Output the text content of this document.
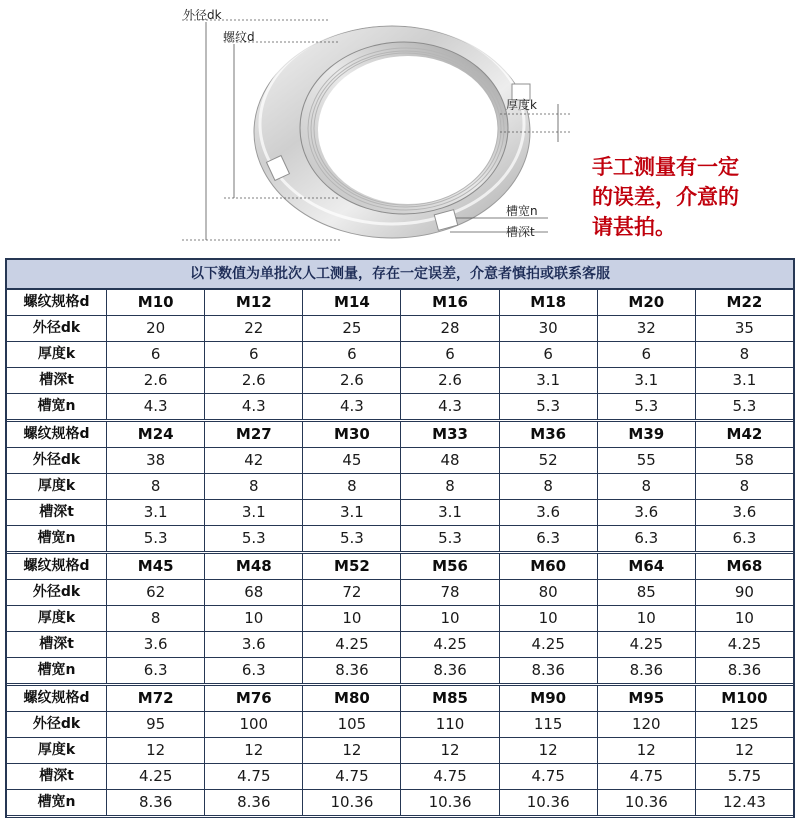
外径dk
螺纹d
厚度k
槽宽n
槽深t
手工测量有一定
的误差，介意的
请甚拍。
以下数值为单批次人工测量，存在一定误差，介意者慎拍或联系客服
螺纹规格d	M10	M12	M14	M16	M18	M20	M22
外径dk	20	22	25	28	30	32	35
厚度k	6	6	6	6	6	6	8
槽深t	2.6	2.6	2.6	2.6	3.1	3.1	3.1
槽宽n	4.3	4.3	4.3	4.3	5.3	5.3	5.3
螺纹规格d	M24	M27	M30	M33	M36	M39	M42
外径dk	38	42	45	48	52	55	58
厚度k	8	8	8	8	8	8	8
槽深t	3.1	3.1	3.1	3.1	3.6	3.6	3.6
槽宽n	5.3	5.3	5.3	5.3	6.3	6.3	6.3
螺纹规格d	M45	M48	M52	M56	M60	M64	M68
外径dk	62	68	72	78	80	85	90
厚度k	8	10	10	10	10	10	10
槽深t	3.6	3.6	4.25	4.25	4.25	4.25	4.25
槽宽n	6.3	6.3	8.36	8.36	8.36	8.36	8.36
螺纹规格d	M72	M76	M80	M85	M90	M95	M100
外径dk	95	100	105	110	115	120	125
厚度k	12	12	12	12	12	12	12
槽深t	4.25	4.75	4.75	4.75	4.75	4.75	5.75
槽宽n	8.36	8.36	10.36	10.36	10.36	10.36	12.43
